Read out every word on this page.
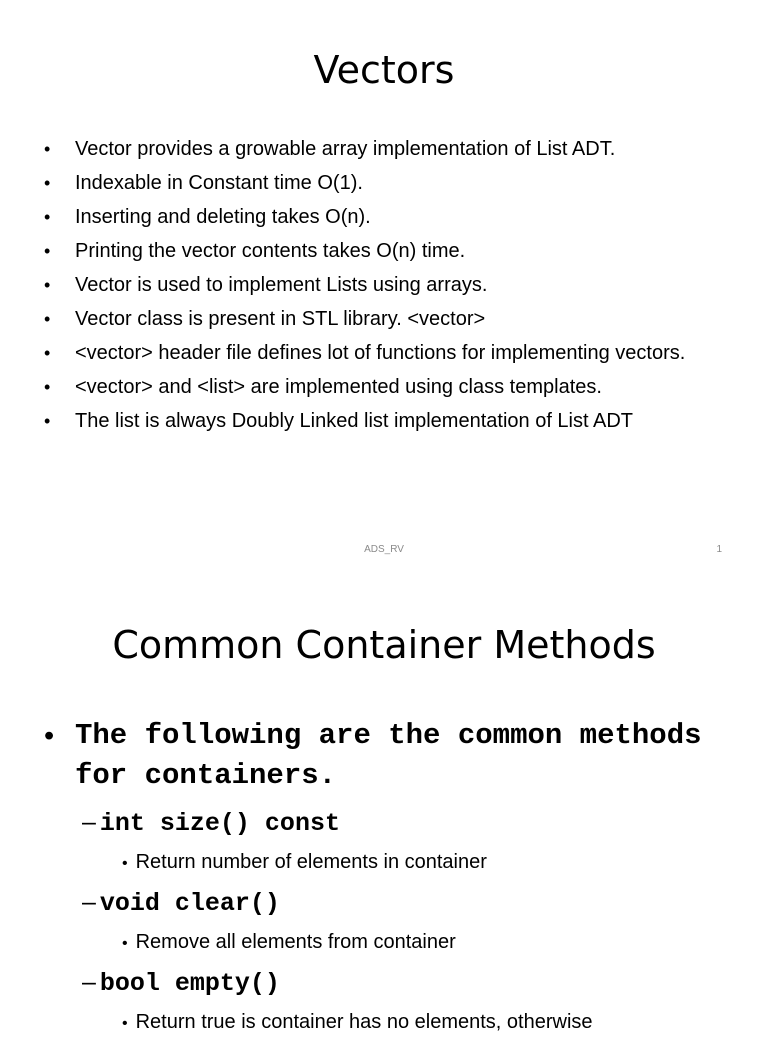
Vectors
• Vector provides a growable array implementation of List ADT.
• Indexable in Constant time O(1).
• Inserting and deleting takes O(n).
• Printing the vector contents takes O(n) time.
• Vector is used to implement Lists using arrays.
• Vector class is present in STL library. <vector>
• <vector> header file defines lot of functions for implementing vectors.
• <vector> and <list> are implemented using class templates.
• The list is always Doubly Linked list implementation of List ADT
ADS_RV	1
Common Container Methods
• The following are the common methods for containers.
– int size() const
• Return number of elements in container
– void clear()
• Remove all elements from container
– bool empty()
• Return true is container has no elements, otherwise
